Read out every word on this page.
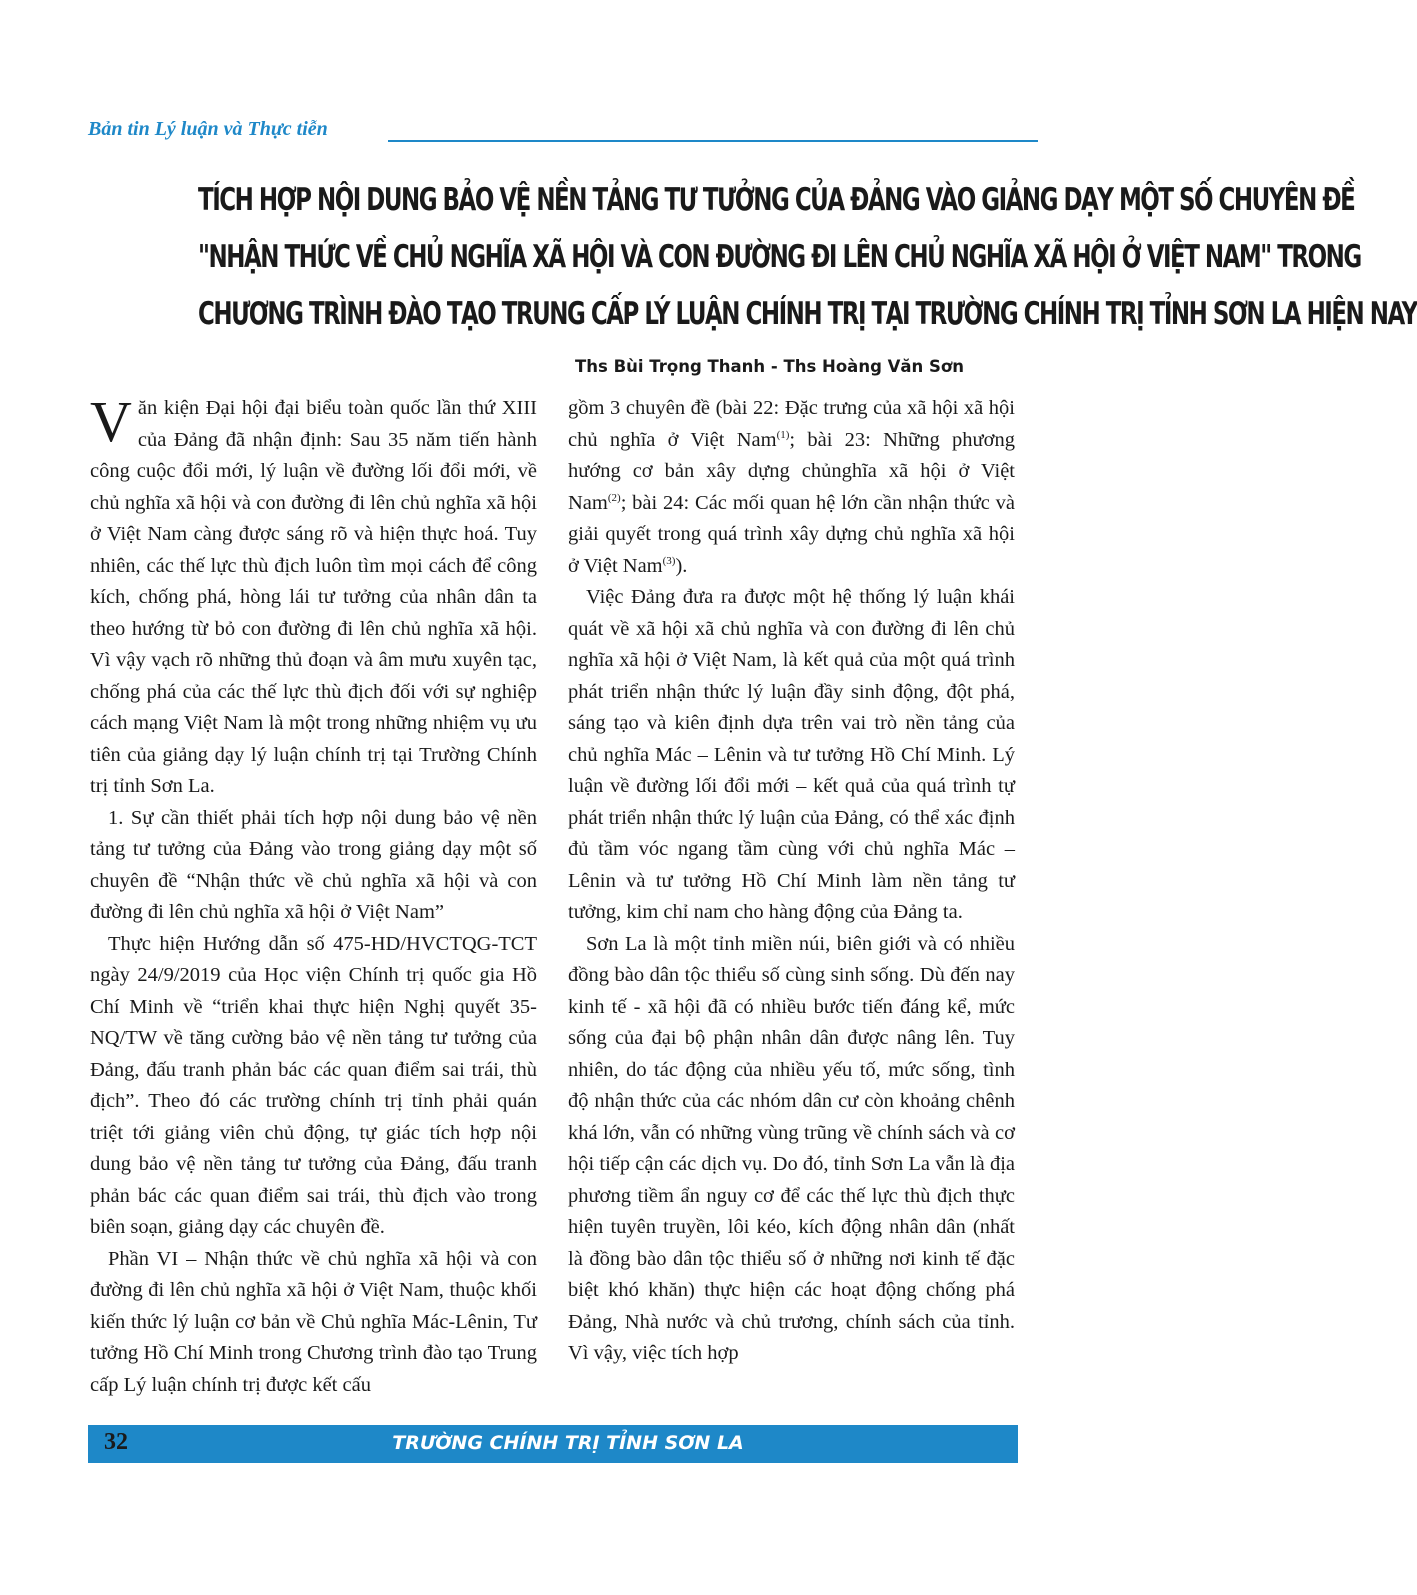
Bản tin Lý luận và Thực tiễn
TÍCH HỢP NỘI DUNG BẢO VỆ NỀN TẢNG TƯ TƯỞNG CỦA ĐẢNG VÀO GIẢNG DẠY MỘT SỐ CHUYÊN ĐỀ
"NHẬN THỨC VỀ CHỦ NGHĨA XÃ HỘI VÀ CON ĐƯỜNG ĐI LÊN CHỦ NGHĨA XÃ HỘI Ở VIỆT NAM" TRONG
CHƯƠNG TRÌNH ĐÀO TẠO TRUNG CẤP LÝ LUẬN CHÍNH TRỊ TẠI TRƯỜNG CHÍNH TRỊ TỈNH SƠN LA HIỆN NAY
Ths Bùi Trọng Thanh - Ths Hoàng Văn Sơn

Văn kiện Đại hội đại biểu toàn quốc lần thứ XIII của Đảng đã nhận định: Sau 35 năm tiến hành công cuộc đổi mới, lý luận về đường lối đổi mới, về chủ nghĩa xã hội và con đường đi lên chủ nghĩa xã hội ở Việt Nam càng được sáng rõ và hiện thực hoá. Tuy nhiên, các thế lực thù địch luôn tìm mọi cách để công kích, chống phá, hòng lái tư tưởng của nhân dân ta theo hướng từ bỏ con đường đi lên chủ nghĩa xã hội. Vì vậy vạch rõ những thủ đoạn và âm mưu xuyên tạc, chống phá của các thế lực thù địch đối với sự nghiệp cách mạng Việt Nam là một trong những nhiệm vụ ưu tiên của giảng dạy lý luận chính trị tại Trường Chính trị tỉnh Sơn La.

1. Sự cần thiết phải tích hợp nội dung bảo vệ nền tảng tư tưởng của Đảng vào trong giảng dạy một số chuyên đề “Nhận thức về chủ nghĩa xã hội và con đường đi lên chủ nghĩa xã hội ở Việt Nam”

Thực hiện Hướng dẫn số 475-HD/HVCTQG-TCT ngày 24/9/2019 của Học viện Chính trị quốc gia Hồ Chí Minh về “triển khai thực hiện Nghị quyết 35-NQ/TW về tăng cường bảo vệ nền tảng tư tưởng của Đảng, đấu tranh phản bác các quan điểm sai trái, thù địch”. Theo đó các trường chính trị tỉnh phải quán triệt tới giảng viên chủ động, tự giác tích hợp nội dung bảo vệ nền tảng tư tưởng của Đảng, đấu tranh phản bác các quan điểm sai trái, thù địch vào trong biên soạn, giảng dạy các chuyên đề.

Phần VI – Nhận thức về chủ nghĩa xã hội và con đường đi lên chủ nghĩa xã hội ở Việt Nam, thuộc khối kiến thức lý luận cơ bản về Chủ nghĩa Mác-Lênin, Tư tưởng Hồ Chí Minh trong Chương trình đào tạo Trung cấp Lý luận chính trị được kết cấu

gồm 3 chuyên đề (bài 22: Đặc trưng của xã hội xã hội chủ nghĩa ở Việt Nam$^{(1)}$; bài 23: Những phương hướng cơ bản xây dựng chủnghĩa xã hội ở Việt Nam$^{(2)}$; bài 24: Các mối quan hệ lớn cần nhận thức và giải quyết trong quá trình xây dựng chủ nghĩa xã hội ở Việt Nam$^{(3)}$).

Việc Đảng đưa ra được một hệ thống lý luận khái quát về xã hội xã chủ nghĩa và con đường đi lên chủ nghĩa xã hội ở Việt Nam, là kết quả của một quá trình phát triển nhận thức lý luận đầy sinh động, đột phá, sáng tạo và kiên định dựa trên vai trò nền tảng của chủ nghĩa Mác – Lênin và tư tưởng Hồ Chí Minh. Lý luận về đường lối đổi mới – kết quả của quá trình tự phát triển nhận thức lý luận của Đảng, có thể xác định đủ tầm vóc ngang tầm cùng với chủ nghĩa Mác – Lênin và tư tưởng Hồ Chí Minh làm nền tảng tư tưởng, kim chỉ nam cho hàng động của Đảng ta.

Sơn La là một tỉnh miền núi, biên giới và có nhiều đồng bào dân tộc thiểu số cùng sinh sống. Dù đến nay kinh tế - xã hội đã có nhiều bước tiến đáng kể, mức sống của đại bộ phận nhân dân được nâng lên. Tuy nhiên, do tác động của nhiều yếu tố, mức sống, tình độ nhận thức của các nhóm dân cư còn khoảng chênh khá lớn, vẫn có những vùng trũng về chính sách và cơ hội tiếp cận các dịch vụ. Do đó, tỉnh Sơn La vẫn là địa phương tiềm ẩn nguy cơ để các thế lực thù địch thực hiện tuyên truyền, lôi kéo, kích động nhân dân (nhất là đồng bào dân tộc thiểu số ở những nơi kinh tế đặc biệt khó khăn) thực hiện các hoạt động chống phá Đảng, Nhà nước và chủ trương, chính sách của tỉnh. Vì vậy, việc tích hợp

32	TRƯỜNG CHÍNH TRỊ TỈNH SƠN LA
